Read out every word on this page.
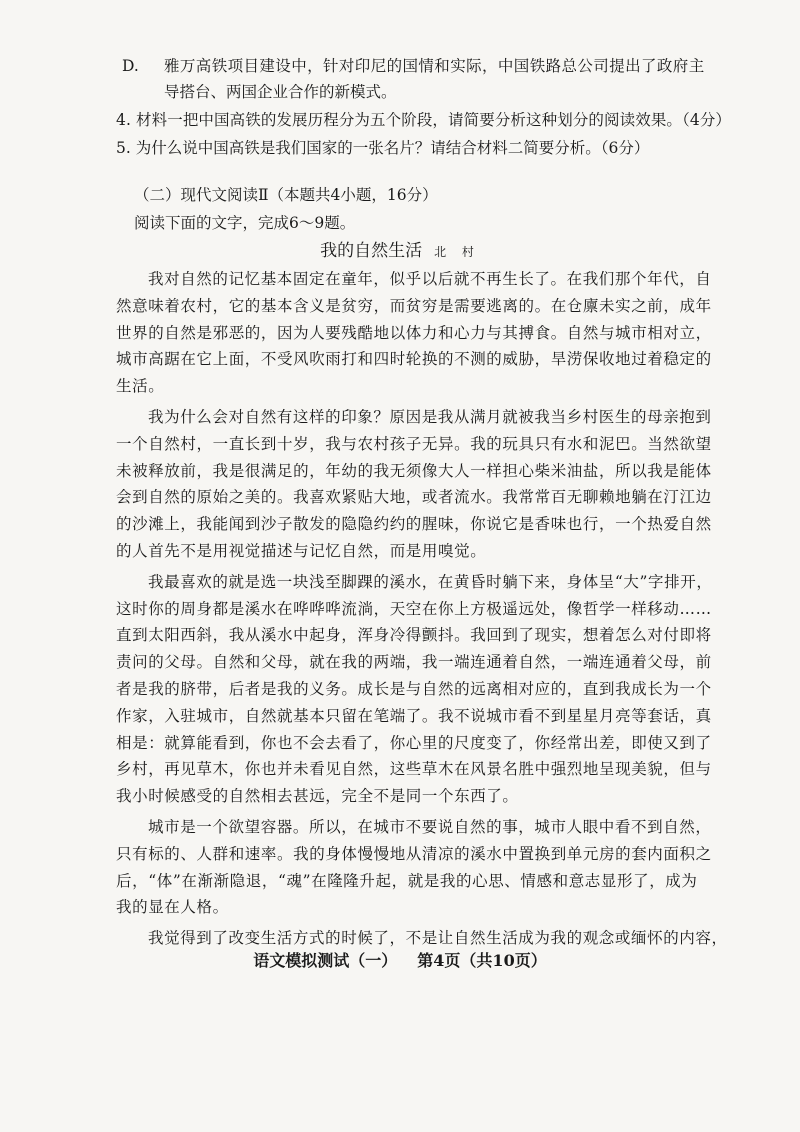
D. 雅万高铁项目建设中，针对印尼的国情和实际，中国铁路总公司提出了政府主
导搭台、两国企业合作的新模式。
4. 材料一把中国高铁的发展历程分为五个阶段，请简要分析这种划分的阅读效果。（4分）
5. 为什么说中国高铁是我们国家的一张名片？请结合材料二简要分析。（6分）
（二）现代文阅读Ⅱ（本题共4小题，16分）
阅读下面的文字，完成6～9题。
我的自然生活 北 村
我对自然的记忆基本固定在童年，似乎以后就不再生长了。在我们那个年代，自
然意味着农村，它的基本含义是贫穷，而贫穷是需要逃离的。在仓廪未实之前，成年
世界的自然是邪恶的，因为人要残酷地以体力和心力与其搏食。自然与城市相对立，
城市高踞在它上面，不受风吹雨打和四时轮换的不测的威胁，旱涝保收地过着稳定的
生活。
我为什么会对自然有这样的印象？原因是我从满月就被我当乡村医生的母亲抱到
一个自然村，一直长到十岁，我与农村孩子无异。我的玩具只有水和泥巴。当然欲望
未被释放前，我是很满足的，年幼的我无须像大人一样担心柴米油盐，所以我是能体
会到自然的原始之美的。我喜欢紧贴大地，或者流水。我常常百无聊赖地躺在汀江边
的沙滩上，我能闻到沙子散发的隐隐约约的腥味，你说它是香味也行，一个热爱自然
的人首先不是用视觉描述与记忆自然，而是用嗅觉。
我最喜欢的就是选一块浅至脚踝的溪水，在黄昏时躺下来，身体呈“大”字排开，
这时你的周身都是溪水在哗哗哗流淌，天空在你上方极遥远处，像哲学一样移动……
直到太阳西斜，我从溪水中起身，浑身冷得颤抖。我回到了现实，想着怎么对付即将
责问的父母。自然和父母，就在我的两端，我一端连通着自然，一端连通着父母，前
者是我的脐带，后者是我的义务。成长是与自然的远离相对应的，直到我成长为一个
作家，入驻城市，自然就基本只留在笔端了。我不说城市看不到星星月亮等套话，真
相是：就算能看到，你也不会去看了，你心里的尺度变了，你经常出差，即使又到了
乡村，再见草木，你也并未看见自然，这些草木在风景名胜中强烈地呈现美貌，但与
我小时候感受的自然相去甚远，完全不是同一个东西了。
城市是一个欲望容器。所以，在城市不要说自然的事，城市人眼中看不到自然，
只有标的、人群和速率。我的身体慢慢地从清凉的溪水中置换到单元房的套内面积之
后，“体”在渐渐隐退，“魂”在隆隆升起，就是我的心思、情感和意志显形了，成为
我的显在人格。
我觉得到了改变生活方式的时候了，不是让自然生活成为我的观念或缅怀的内容，
语文模拟测试（一） 第4页（共10页）
